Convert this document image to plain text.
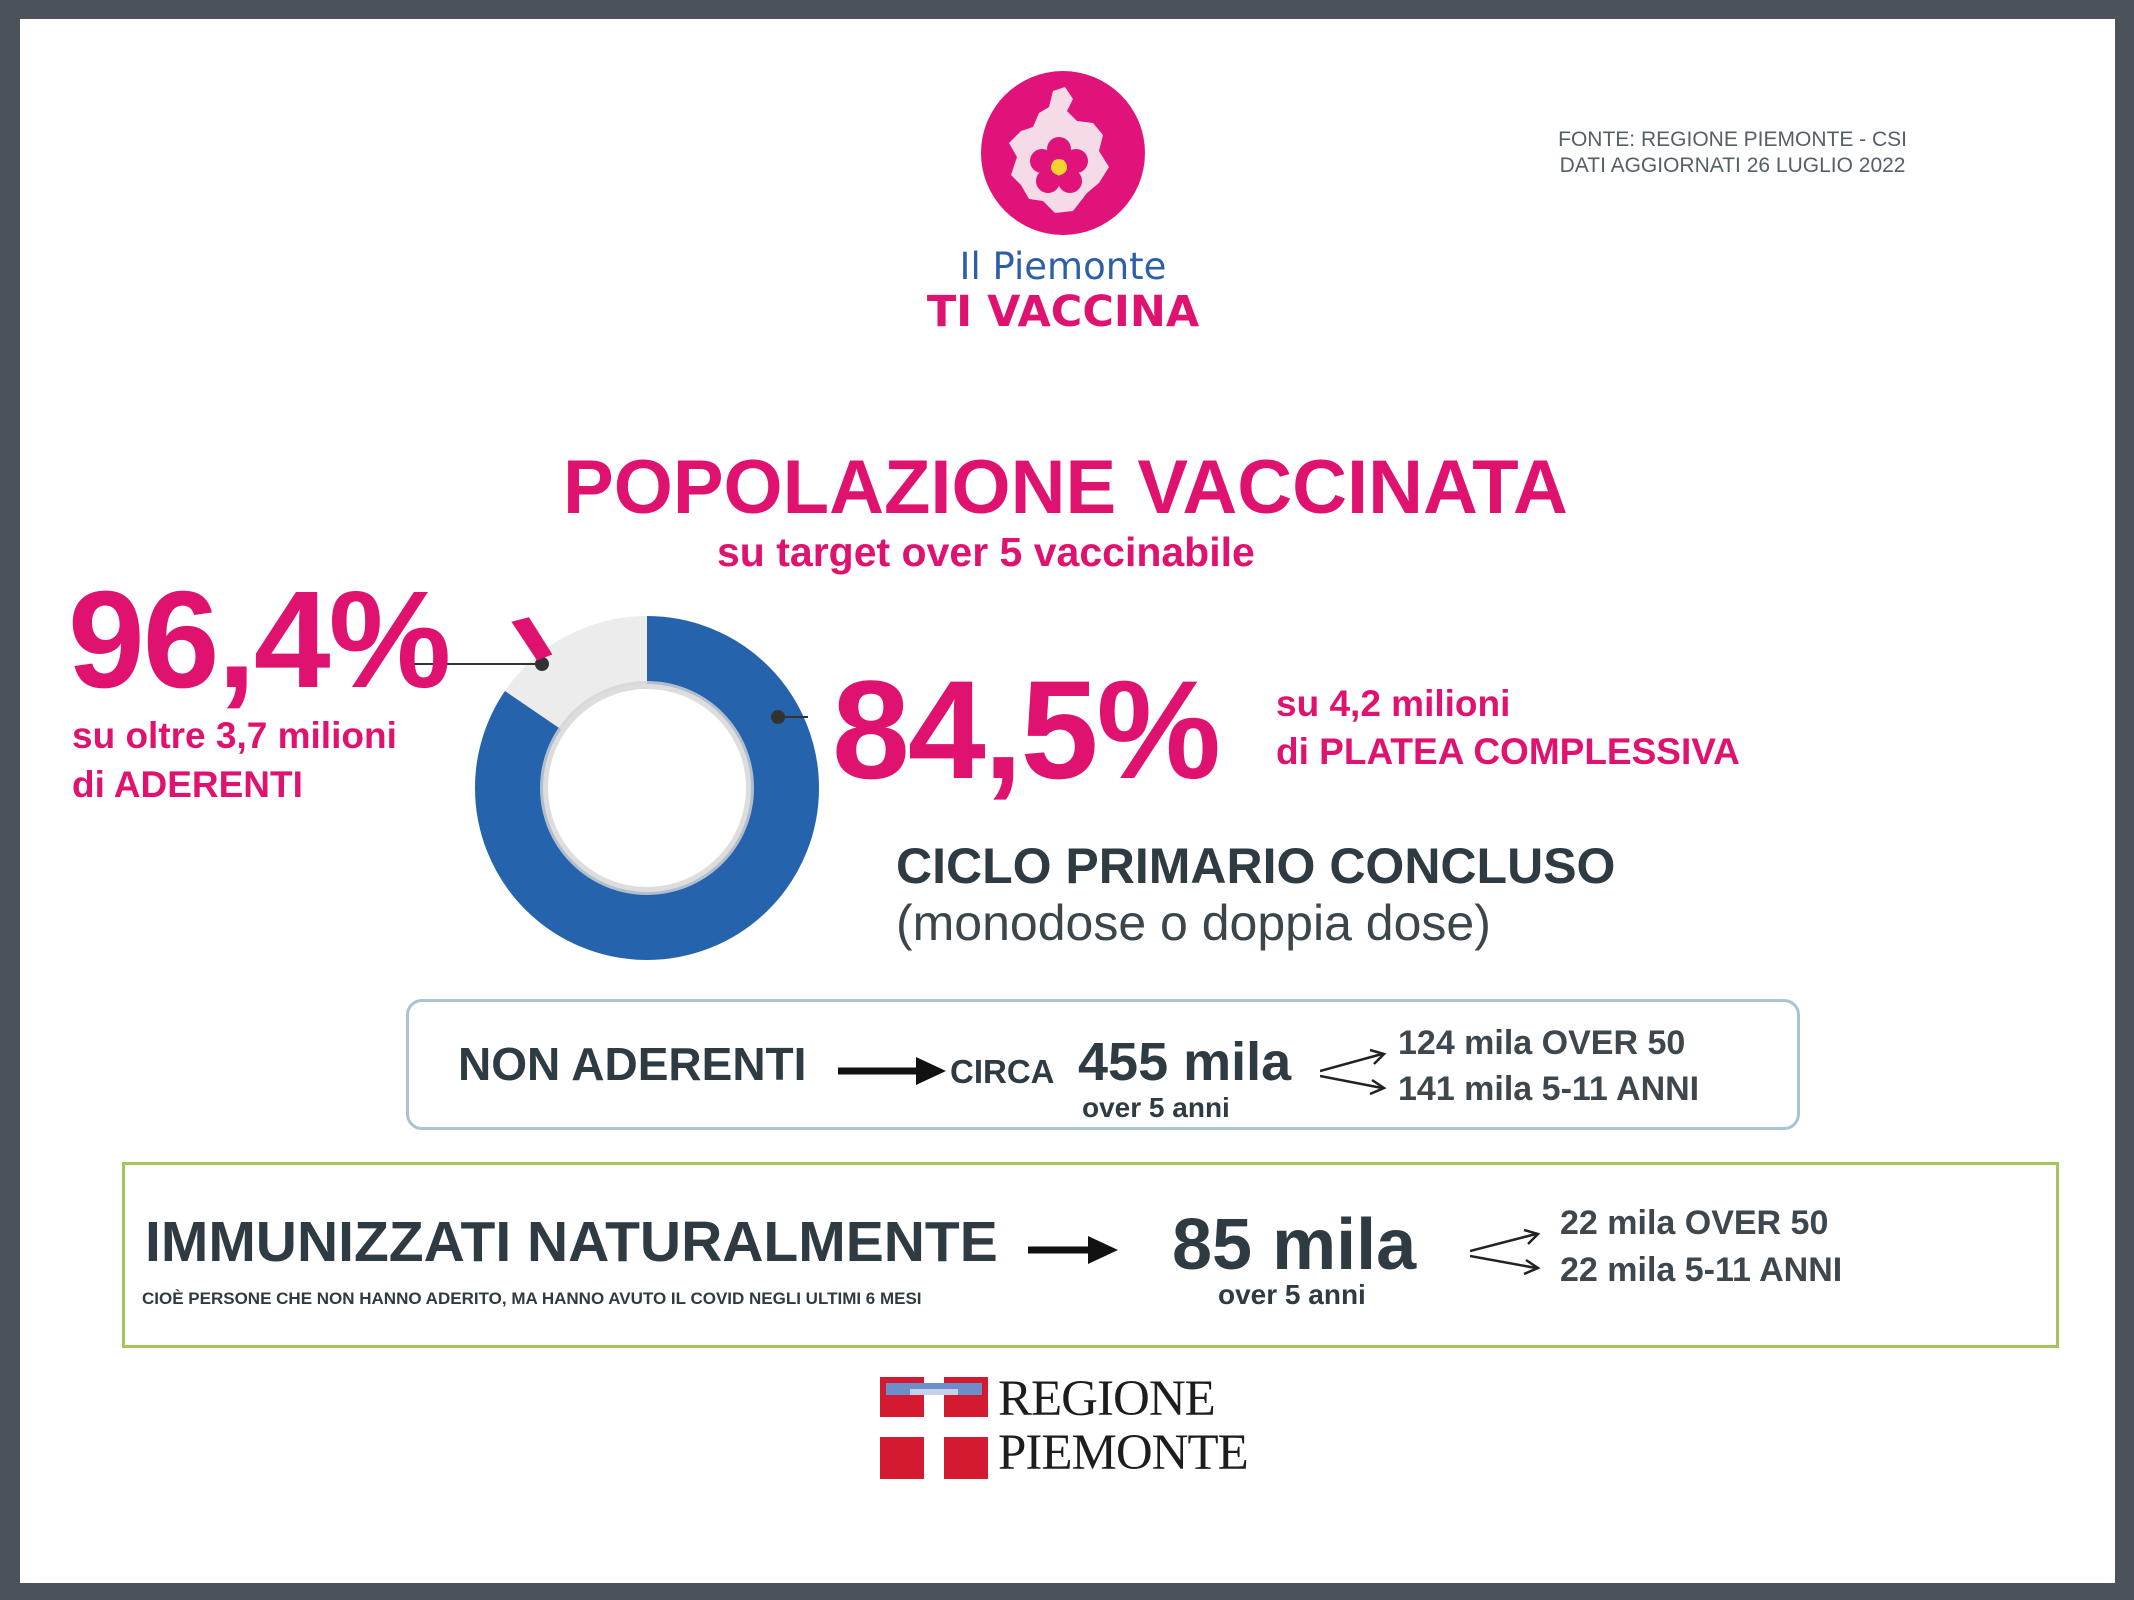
FONTE: REGIONE PIEMONTE - CSI
DATI AGGIORNATI 26 LUGLIO 2022
Il Piemonte
TI VACCINA
POPOLAZIONE VACCINATA
su target over 5 vaccinabile
96,4%
su oltre 3,7 milioni
di ADERENTI	84,5% su 4,2 milioni
di PLATEA COMPLESSIVA
CICLO PRIMARIO CONCLUSO
(monodose o doppia dose)
NON ADERENTI	CIRCA 455 mila
over 5 anni
124 mila OVER 50
141 mila 5-11 ANNI
IMMUNIZZATI NATURALMENTE
CIOÈ PERSONE CHE NON HANNO ADERITO, MA HANNO AVUTO IL COVID NEGLI ULTIMI 6 MESI
85 mila
over 5 anni
22 mila OVER 50
22 mila 5-11 ANNI
REGIONE
PIEMONTE
